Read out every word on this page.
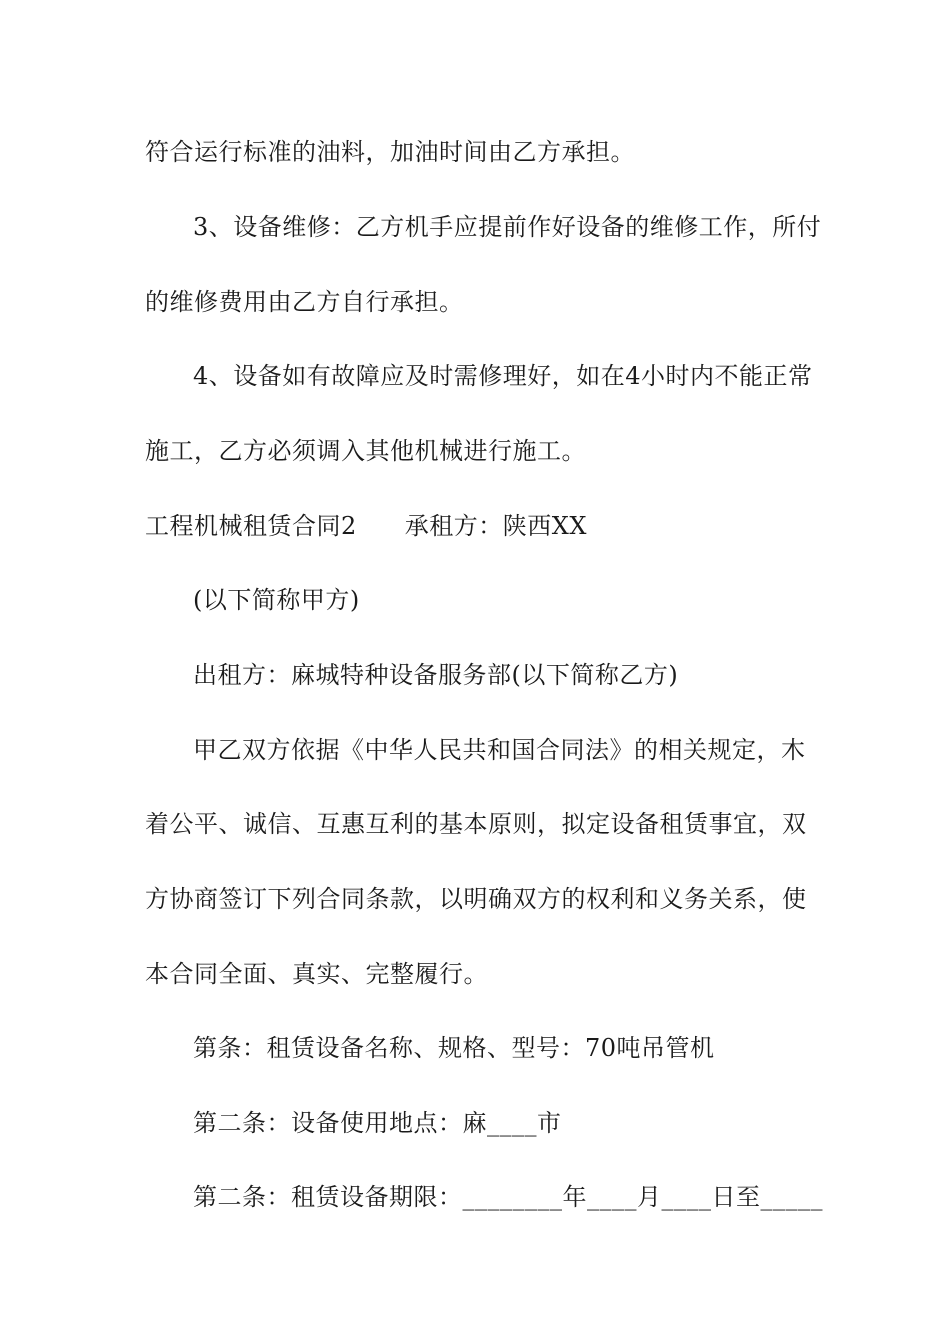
符合运行标准的油料，加油时间由乙方承担。
3、设备维修：乙方机手应提前作好设备的维修工作，所付
的维修费用由乙方自行承担。
4、设备如有故障应及时需修理好，如在4小时内不能正常
施工，乙方必须调入其他机械进行施工。
工程机械租赁合同2 承租方：陕西XX
(以下简称甲方)
出租方：麻城特种设备服务部(以下简称乙方)
甲乙双方依据《中华人民共和国合同法》的相关规定，木
着公平、诚信、互惠互利的基本原则，拟定设备租赁事宜，双
方协商签订下列合同条款，以明确双方的权利和义务关系，使
本合同全面、真实、完整履行。
第条：租赁设备名称、规格、型号：70吨吊管机
第二条：设备使用地点：麻____市
第二条：租赁设备期限：________年____月____日至_____
